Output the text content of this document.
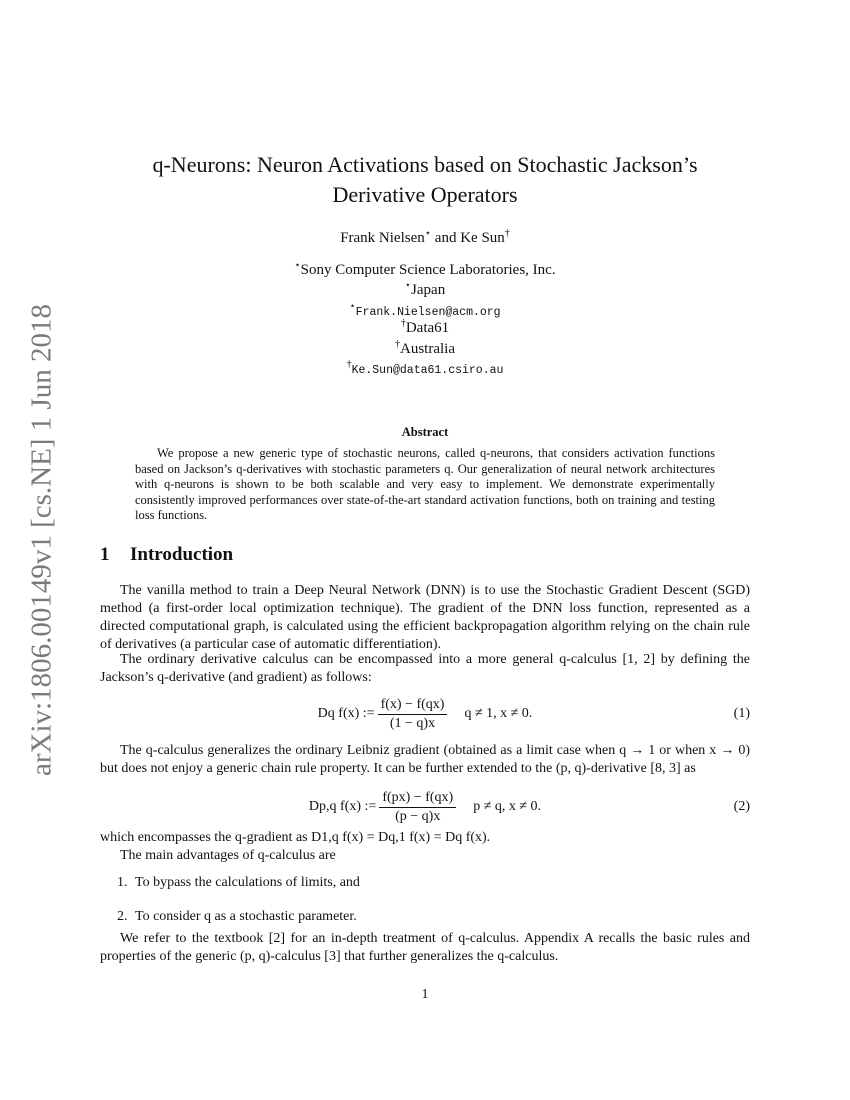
arXiv:1806.00149v1 [cs.NE] 1 Jun 2018
q-Neurons: Neuron Activations based on Stochastic Jackson’s
Derivative Operators
Frank Nielsen⋆ and Ke Sun†
⋆Sony Computer Science Laboratories, Inc.
⋆Japan
⋆Frank.Nielsen@acm.org
†Data61
†Australia
†Ke.Sun@data61.csiro.au
Abstract

We propose a new generic type of stochastic neurons, called q-neurons, that considers activation functions based on Jackson’s q-derivatives with stochastic parameters q. Our generalization of neural network architectures with q-neurons is shown to be both scalable and very easy to implement. We demonstrate experimentally consistently improved performances over state-of-the-art standard activation functions, both on training and testing loss functions.

1 Introduction

The vanilla method to train a Deep Neural Network (DNN) is to use the Stochastic Gradient Descent (SGD) method (a first-order local optimization technique). The gradient of the DNN loss function, represented as a directed computational graph, is calculated using the efficient backpropagation algorithm relying on the chain rule of derivatives (a particular case of automatic differentiation).

The ordinary derivative calculus can be encompassed into a more general q-calculus [1, 2] by defining the Jackson’s q-derivative (and gradient) as follows:

Dq f(x) := $\frac{f(x) - f(qx)}{(1 - q)x}$ q ≠ 1, x ≠ 0.	(1)

The q-calculus generalizes the ordinary Leibniz gradient (obtained as a limit case when q → 1 or when x → 0) but does not enjoy a generic chain rule property. It can be further extended to the (p, q)-derivative [8, 3] as

Dp,q f(x) := $\frac{f(px) - f(qx)}{(p - q)x}$ p ≠ q, x ≠ 0.	(2)

which encompasses the q-gradient as D1,q f(x) = Dq,1 f(x) = Dq f(x).

The main advantages of q-calculus are

1. To bypass the calculations of limits, and
2. To consider q as a stochastic parameter.

We refer to the textbook [2] for an in-depth treatment of q-calculus. Appendix A recalls the basic rules and properties of the generic (p, q)-calculus [3] that further generalizes the q-calculus.

1
